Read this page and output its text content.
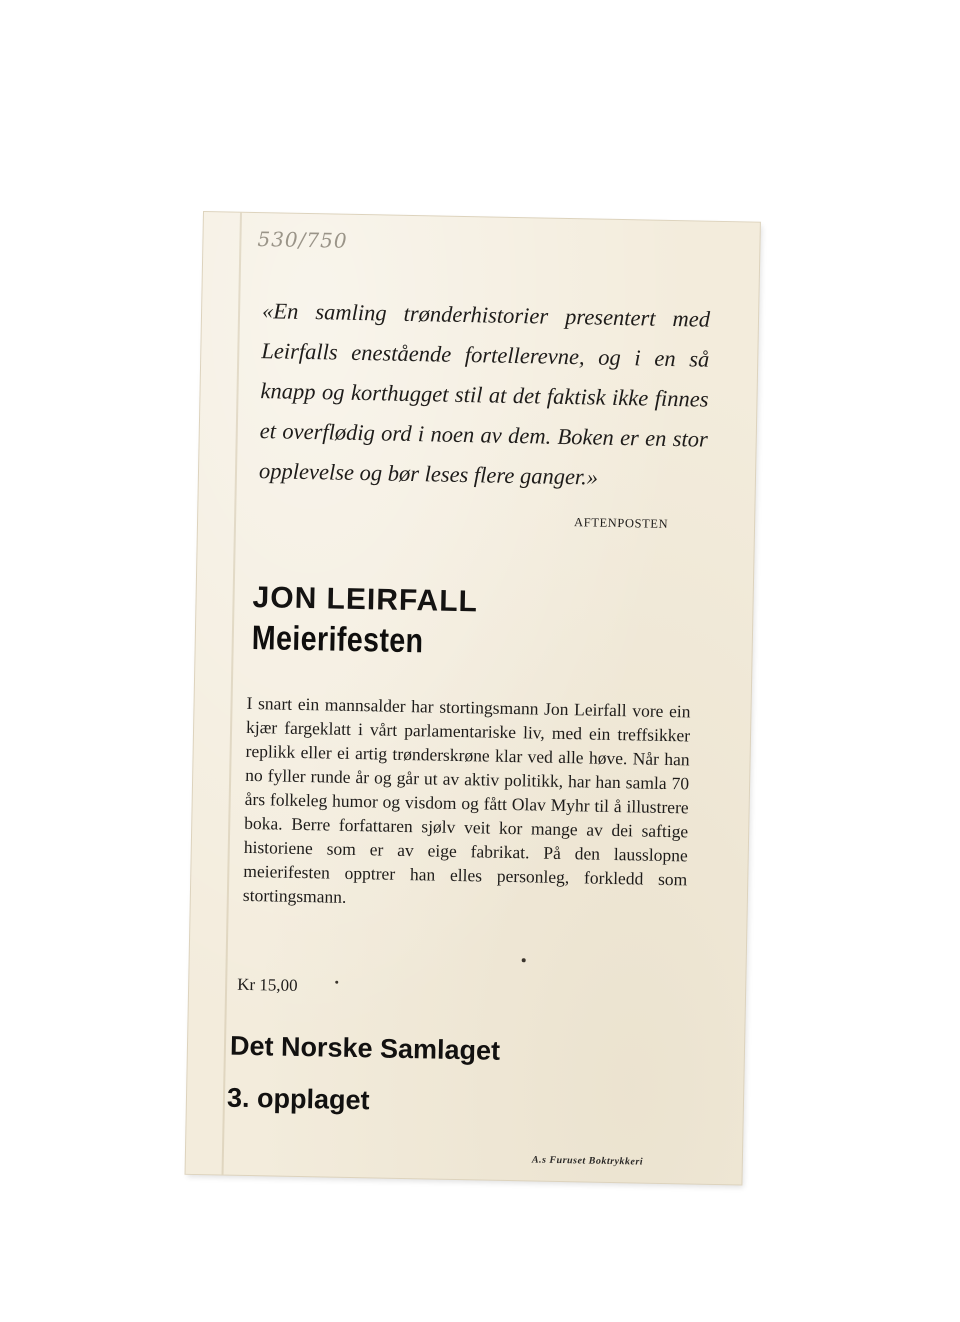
530/750

«En samling trønderhistorier presentert med Leirfalls enestående fortellerevne, og i en så knapp og korthugget stil at det faktisk ikke finnes et overflødig ord i noen av dem. Boken er en stor opplevelse og bør leses flere ganger.»

AFTENPOSTEN
JON LEIRFALL
Meierifesten

I snart ein mannsalder har stortingsmann Jon Leirfall vore ein kjær fargeklatt i vårt parlamentariske liv, med ein treffsikker replikk eller ei artig trønderskrøne klar ved alle høve. Når han no fyller runde år og går ut av aktiv politikk, har han samla 70 års folkeleg humor og visdom og fått Olav Myhr til å illustrere boka. Berre forfattaren sjølv veit kor mange av dei saftige historiene som er av eige fabrikat. På den lausslopne meierifesten opptrer han elles personleg, forkledd som stortingsmann.

Kr 15,00
Det Norske Samlaget
3. opplaget
A.s Furuset Boktrykkeri
